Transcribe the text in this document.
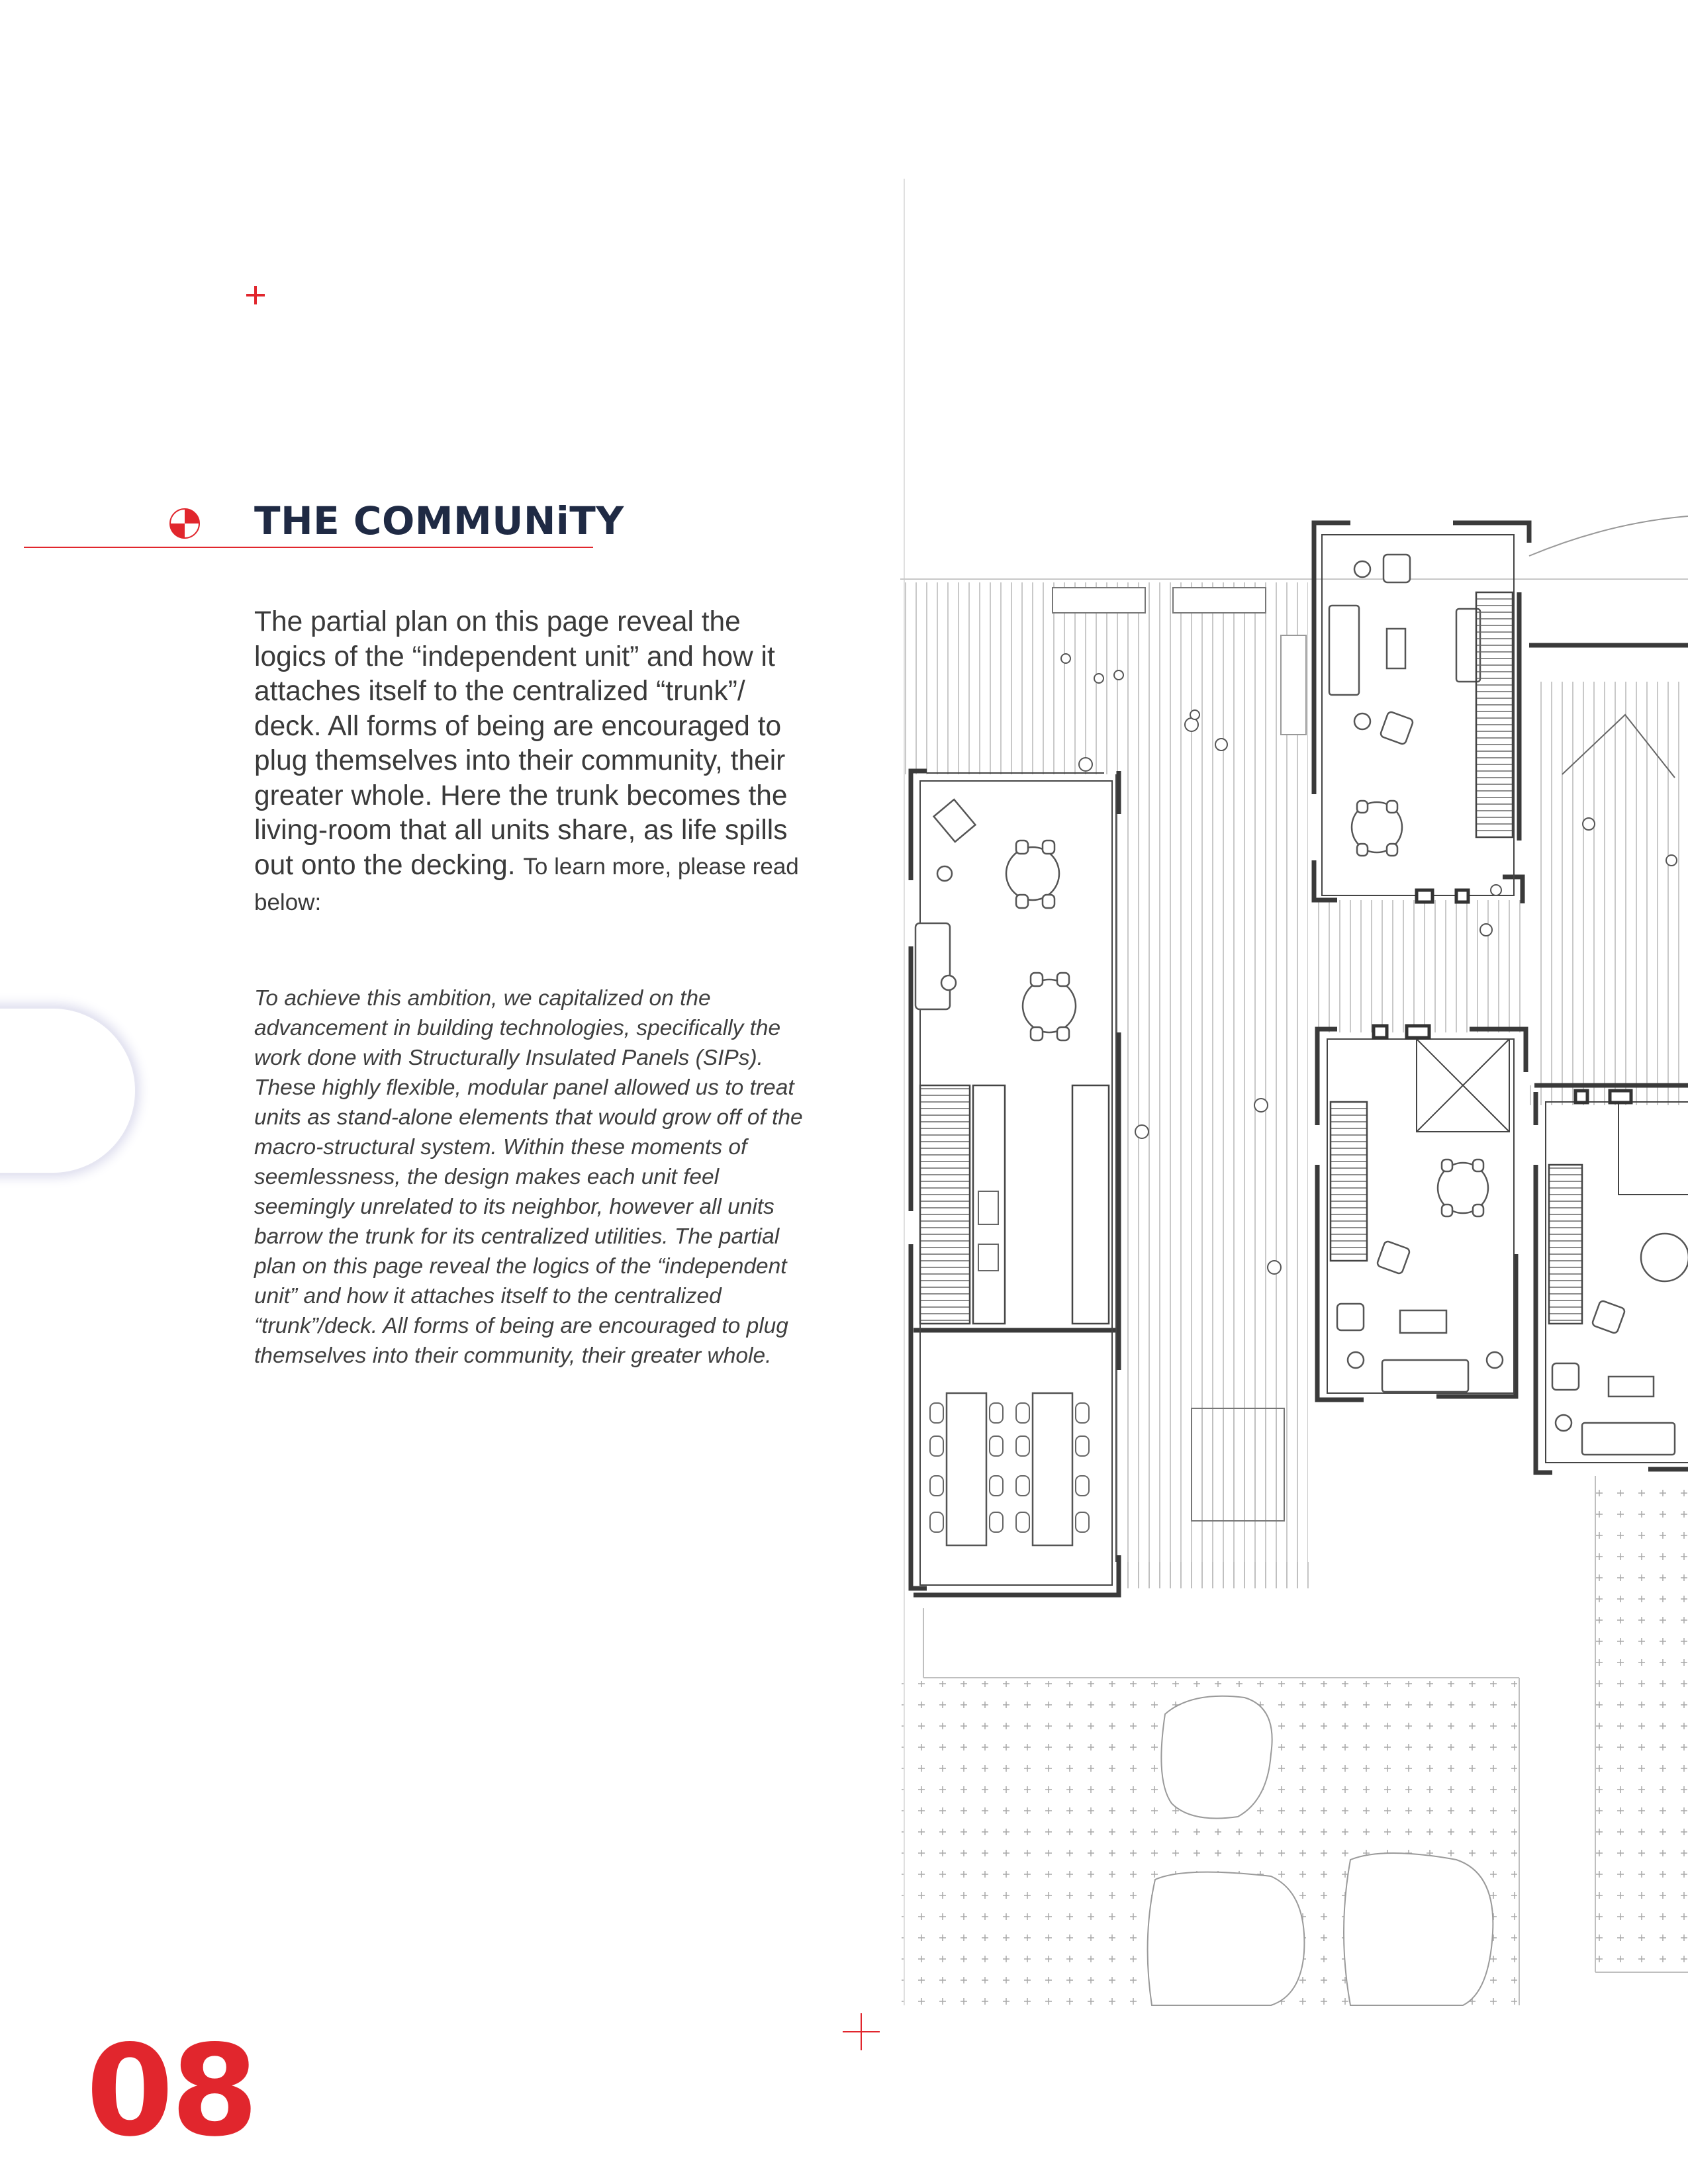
THE COMMUNiTY

The partial plan on this page reveal the logics of the “independent unit” and how it attaches itself to the centralized “trunk”/ deck. All forms of being are encouraged to plug themselves into their community, their greater whole. Here the trunk becomes the living-room that all units share, as life spills out onto the decking. To learn more, please read below:

To achieve this ambition, we capitalized on the advancement in building technologies, specifically the work done with Structurally Insulated Panels (SIPs). These highly flexible, modular panel allowed us to treat units as stand-alone elements that would grow off of the macro-structural system. Within these moments of seemlessness, the design makes each unit feel seemingly unrelated to its neighbor, however all units barrow the trunk for its centralized utilities. The partial plan on this page reveal the logics of the “independent unit” and how it attaches itself to the centralized “trunk”/deck. All forms of being are encouraged to plug themselves into their community, their greater whole.

08
